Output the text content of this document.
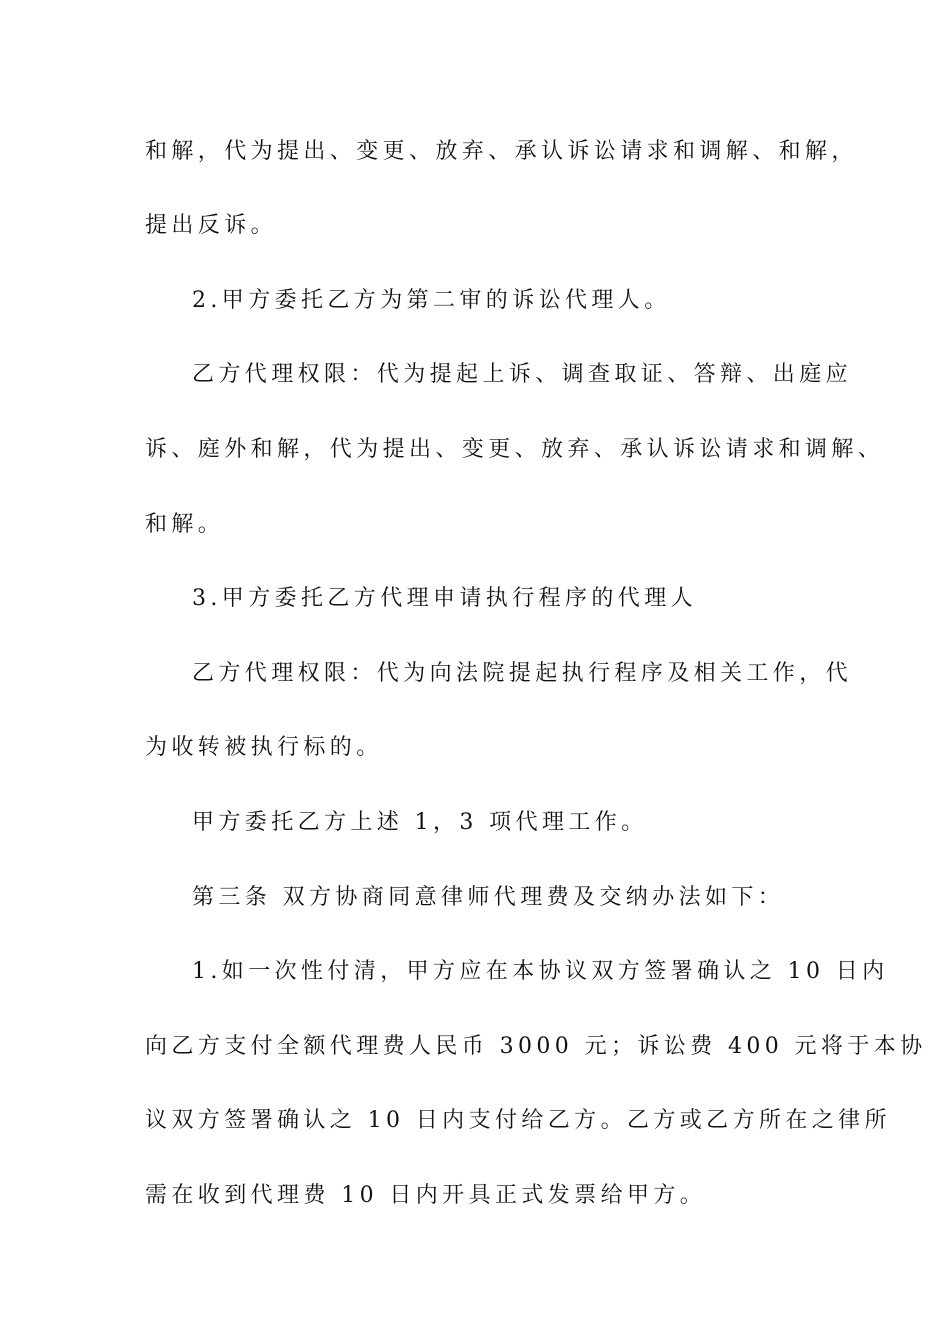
和解，代为提出、变更、放弃、承认诉讼请求和调解、和解，
提出反诉。
2.甲方委托乙方为第二审的诉讼代理人。
乙方代理权限：代为提起上诉、调查取证、答辩、出庭应
诉、庭外和解，代为提出、变更、放弃、承认诉讼请求和调解、
和解。
3.甲方委托乙方代理申请执行程序的代理人
乙方代理权限：代为向法院提起执行程序及相关工作，代
为收转被执行标的。
甲方委托乙方上述 1，3 项代理工作。
第三条 双方协商同意律师代理费及交纳办法如下：
1.如一次性付清，甲方应在本协议双方签署确认之 10 日内
向乙方支付全额代理费人民币 3000 元；诉讼费 400 元将于本协
议双方签署确认之 10 日内支付给乙方。乙方或乙方所在之律所
需在收到代理费 10 日内开具正式发票给甲方。
